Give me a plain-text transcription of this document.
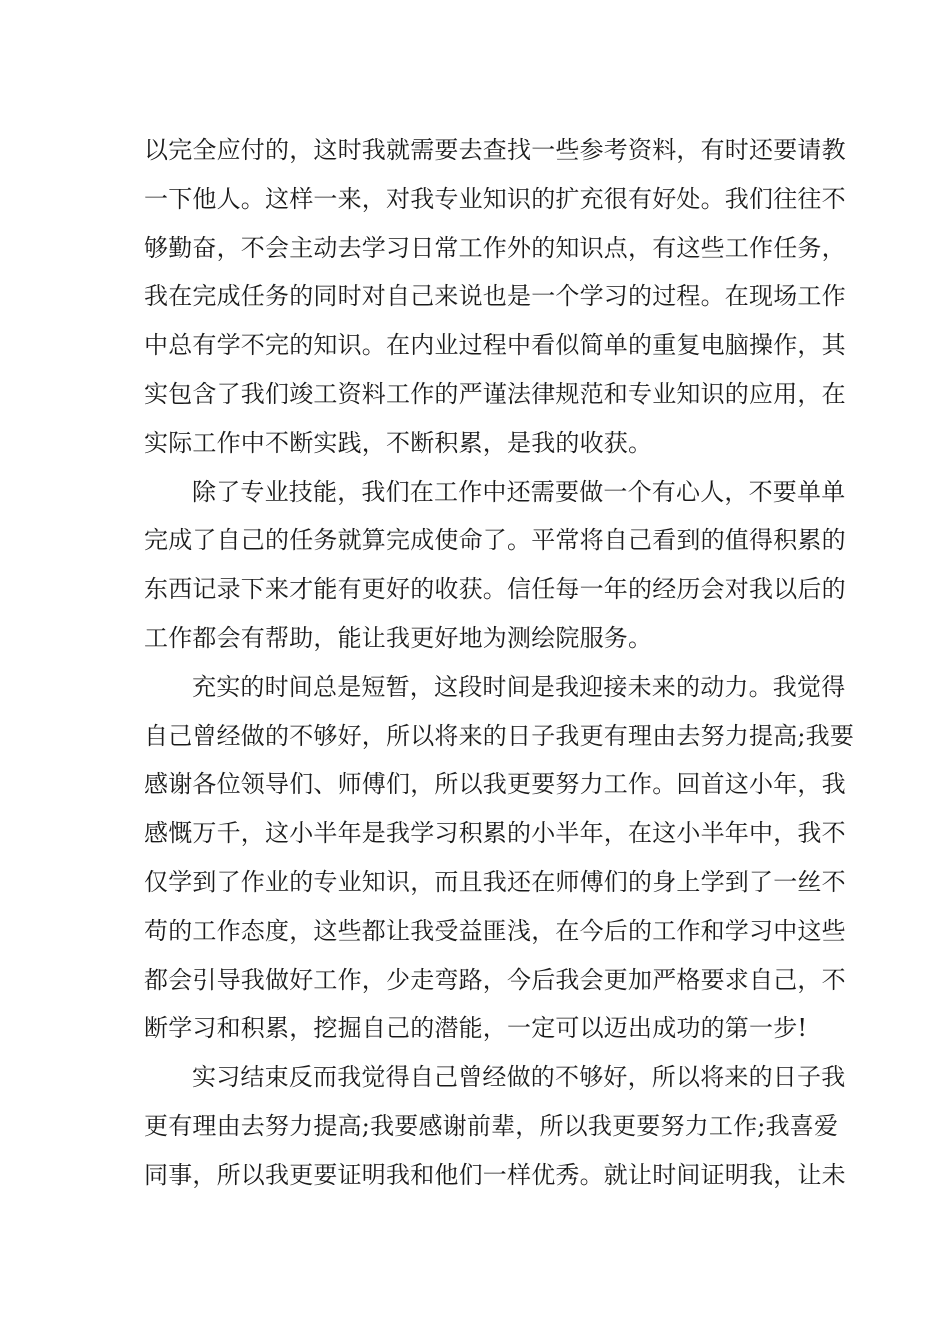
以完全应付的，这时我就需要去查找一些参考资料，有时还要请教
一下他人。这样一来，对我专业知识的扩充很有好处。我们往往不
够勤奋，不会主动去学习日常工作外的知识点，有这些工作任务，
我在完成任务的同时对自己来说也是一个学习的过程。在现场工作
中总有学不完的知识。在内业过程中看似简单的重复电脑操作，其
实包含了我们竣工资料工作的严谨法律规范和专业知识的应用，在
实际工作中不断实践，不断积累，是我的收获。
除了专业技能，我们在工作中还需要做一个有心人，不要单单
完成了自己的任务就算完成使命了。平常将自己看到的值得积累的
东西记录下来才能有更好的收获。信任每一年的经历会对我以后的
工作都会有帮助，能让我更好地为测绘院服务。
充实的时间总是短暂，这段时间是我迎接未来的动力。我觉得
自己曾经做的不够好，所以将来的日子我更有理由去努力提高;我要
感谢各位领导们、师傅们，所以我更要努力工作。回首这小年，我
感慨万千，这小半年是我学习积累的小半年，在这小半年中，我不
仅学到了作业的专业知识，而且我还在师傅们的身上学到了一丝不
苟的工作态度，这些都让我受益匪浅，在今后的工作和学习中这些
都会引导我做好工作，少走弯路，今后我会更加严格要求自己，不
断学习和积累，挖掘自己的潜能，一定可以迈出成功的第一步!
实习结束反而我觉得自己曾经做的不够好，所以将来的日子我
更有理由去努力提高;我要感谢前辈，所以我更要努力工作;我喜爱
同事，所以我更要证明我和他们一样优秀。就让时间证明我，让未
